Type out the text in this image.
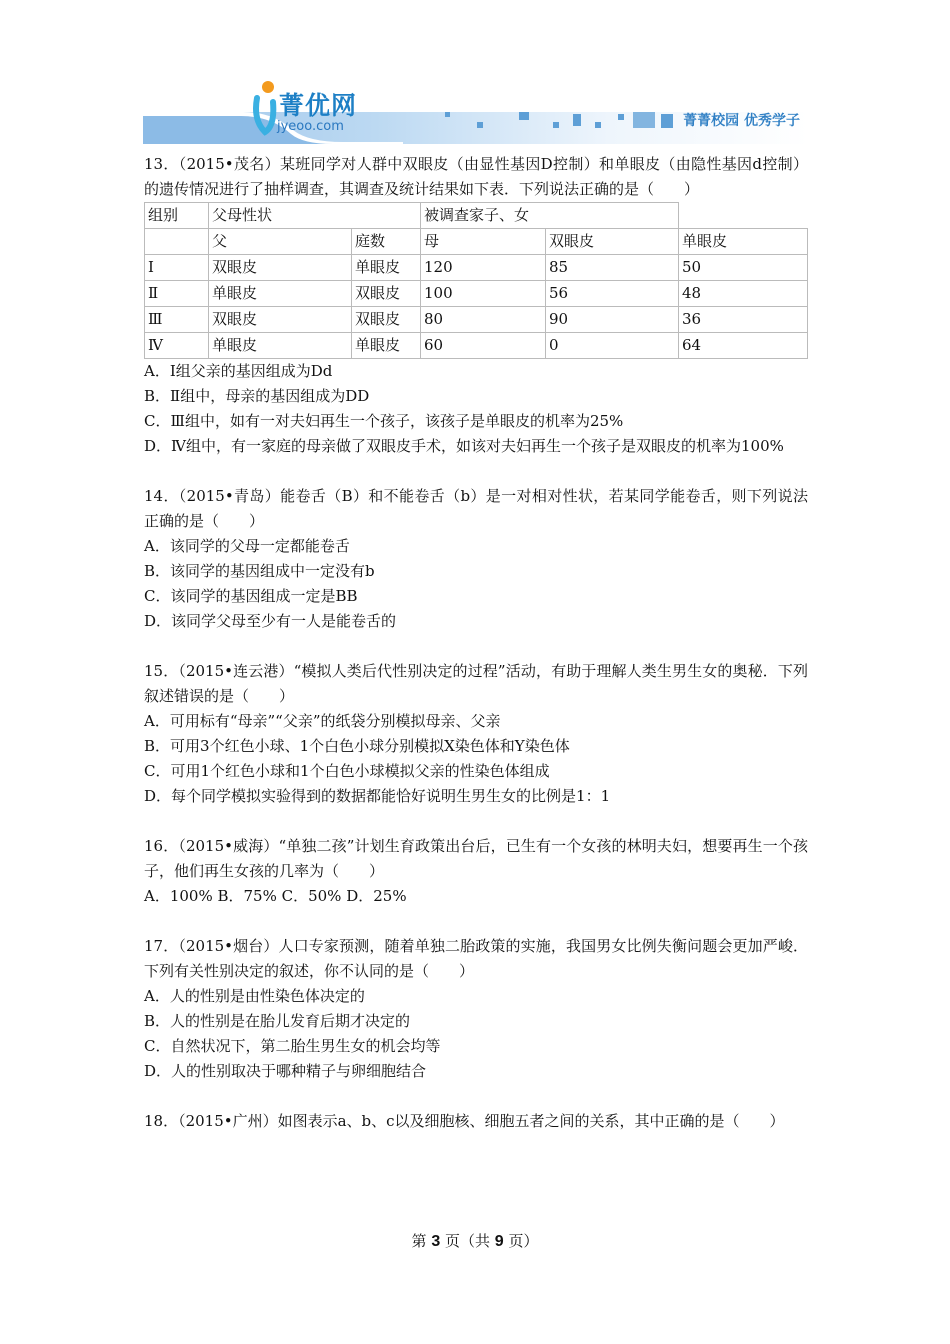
菁优网
jyeoo.com	菁菁校园 优秀学子

13．（2015•茂名）某班同学对人群中双眼皮（由显性基因D控制）和单眼皮（由隐性基因d控制）的遗传情况进行了抽样调查，其调查及统计结果如下表．下列说法正确的是（　　）

组别	父母性状		被调查家子、女		
	父	庭数	母	双眼皮	单眼皮
Ⅰ	双眼皮	单眼皮	120	85	50
Ⅱ	单眼皮	双眼皮	100	56	48
Ⅲ	双眼皮	双眼皮	80	90	36
Ⅳ	单眼皮	单眼皮	60	0	64

A．Ⅰ组父亲的基因组成为Dd

B．Ⅱ组中，母亲的基因组成为DD

C．Ⅲ组中，如有一对夫妇再生一个孩子，该孩子是单眼皮的机率为25%

D．Ⅳ组中，有一家庭的母亲做了双眼皮手术，如该对夫妇再生一个孩子是双眼皮的机率为100%

14．（2015•青岛）能卷舌（B）和不能卷舌（b）是一对相对性状，若某同学能卷舌，则下列说法正确的是（　　）

A．该同学的父母一定都能卷舌

B．该同学的基因组成中一定没有b

C．该同学的基因组成一定是BB

D．该同学父母至少有一人是能卷舌的

15．（2015•连云港）“模拟人类后代性别决定的过程”活动，有助于理解人类生男生女的奥秘．下列叙述错误的是（　　）

A．可用标有“母亲”“父亲”的纸袋分别模拟母亲、父亲

B．可用3个红色小球、1个白色小球分别模拟X染色体和Y染色体

C．可用1个红色小球和1个白色小球模拟父亲的性染色体组成

D．每个同学模拟实验得到的数据都能恰好说明生男生女的比例是1：1

16．（2015•威海）“单独二孩”计划生育政策出台后，已生有一个女孩的林明夫妇，想要再生一个孩子，他们再生女孩的几率为（　　）

A．100% B．75% C．50% D．25%

17．（2015•烟台）人口专家预测，随着单独二胎政策的实施，我国男女比例失衡问题会更加严峻．下列有关性别决定的叙述，你不认同的是（　　）

A．人的性别是由性染色体决定的

B．人的性别是在胎儿发育后期才决定的

C．自然状况下，第二胎生男生女的机会均等

D．人的性别取决于哪种精子与卵细胞结合

18．（2015•广州）如图表示a、b、c以及细胞核、细胞五者之间的关系，其中正确的是（　　）

第 3 页（共 9 页）
